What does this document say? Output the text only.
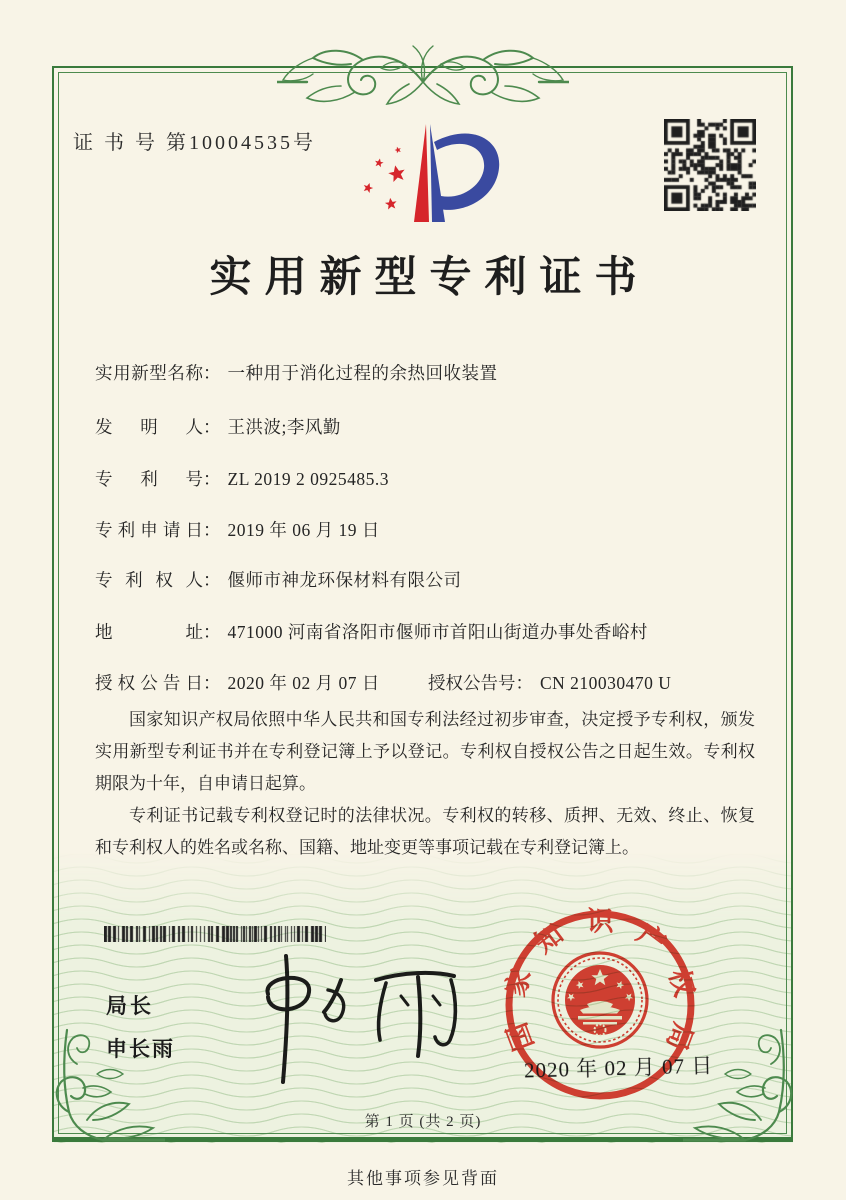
证 书 号 第10004535号
实用新型专利证书
实用新型名称： 一种用于消化过程的余热回收装置
发明人： 王洪波;李风勤
专利号： ZL 2019 2 0925485.3
专利申请日： 2019 年 06 月 19 日
专利权人： 偃师市神龙环保材料有限公司
地址： 471000 河南省洛阳市偃师市首阳山街道办事处香峪村
授权公告日： 2020 年 02 月 07 日	授权公告号： CN 210030470 U

国家知识产权局依照中华人民共和国专利法经过初步审查，决定授予专利权，颁发实用新型专利证书并在专利登记簿上予以登记。专利权自授权公告之日起生效。专利权期限为十年，自申请日起算。

专利证书记载专利权登记时的法律状况。专利权的转移、质押、无效、终止、恢复和专利权人的姓名或名称、国籍、地址变更等事项记载在专利登记簿上。

局长
申长雨	国家知识产权局
2020 年 02 月 07 日
第 1 页 (共 2 页)
其他事项参见背面
